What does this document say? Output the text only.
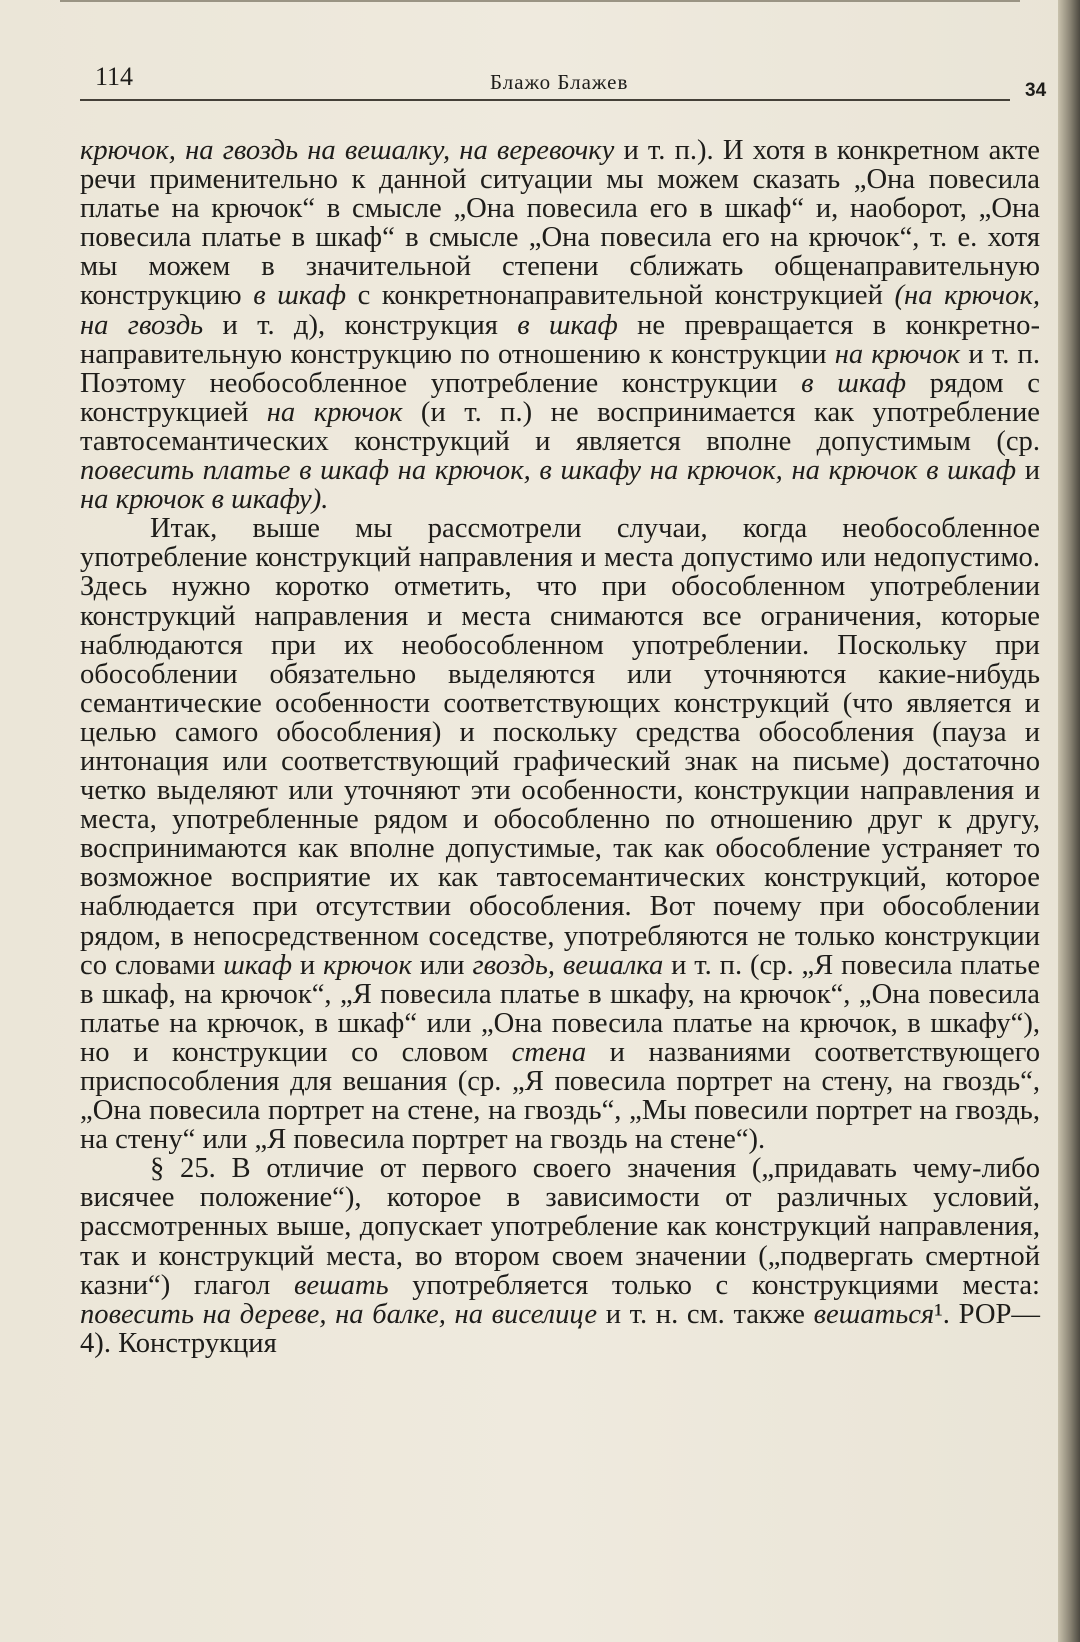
114	Блажо Блажев	34

крючок, на гвоздь на вешалку, на веревочку и т. п.). И хотя в конкретном акте речи применительно к данной ситуации мы можем сказать „Она повесила платье на крючок“ в смысле „Она повесила его в шкаф“ и, наоборот, „Она повесила платье в шкаф“ в смысле „Она повесила его на крючок“, т. е. хотя мы можем в значительной степени сближать общенаправительную конструкцию в шкаф с конкретнонаправительной конструкцией (на крючок, на гвоздь и т. д), конструкция в шкаф не превращается в конкретнонаправительную конструкцию по отношению к конструкции на крючок и т. п. Поэтому необособленное употребление конструкции в шкаф рядом с конструкцией на крючок (и т. п.) не воспринимается как употребление тавтосемантических конструкций и является вполне допустимым (ср. повесить платье в шкаф на крючок, в шкафу на крючок, на крючок в шкаф и на крючок в шкафу).

Итак, выше мы рассмотрели случаи, когда необособленное употребление конструкций направления и места допустимо или недопустимо. Здесь нужно коротко отметить, что при обособленном употреблении конструкций направления и места снимаются все ограничения, которые наблюдаются при их необособленном употреблении. Поскольку при обособлении обязательно выделяются или уточняются какие-нибудь семантические особенности соответствующих конструкций (что является и целью самого обособления) и поскольку средства обособления (пауза и интонация или соответствующий графический знак на письме) достаточно четко выделяют или уточняют эти особенности, конструкции направления и места, употребленные рядом и обособленно по отношению друг к другу, воспринимаются как вполне допустимые, так как обособление устраняет то возможное восприятие их как тавтосемантических конструкций, которое наблюдается при отсутствии обособления. Вот почему при обособлении рядом, в непосредственном соседстве, употребляются не только конструкции со словами шкаф и крючок или гвоздь, вешалка и т. п. (ср. „Я повесила платье в шкаф, на крючок“, „Я повесила платье в шкафу, на крючок“, „Она повесила платье на крючок, в шкаф“ или „Она повесила платье на крючок, в шкафу“), но и конструкции со словом стена и названиями соответствующего приспособления для вешания (ср. „Я повесила портрет на стену, на гвоздь“, „Она повесила портрет на стене, на гвоздь“, „Мы повесили портрет на гвоздь, на стену“ или „Я повесила портрет на гвоздь на стене“).

§ 25. В отличие от первого своего значения („придавать чему-либо висячее положение“), которое в зависимости от различных условий, рассмотренных выше, допускает употребление как конструкций направления, так и конструкций места, во втором своем значении („подвергать смертной казни“) глагол вешать употребляется только с конструкциями места: повесить на дереве, на балке, на виселице и т. н. см. также вешаться¹. РОР—4). Конструкция
